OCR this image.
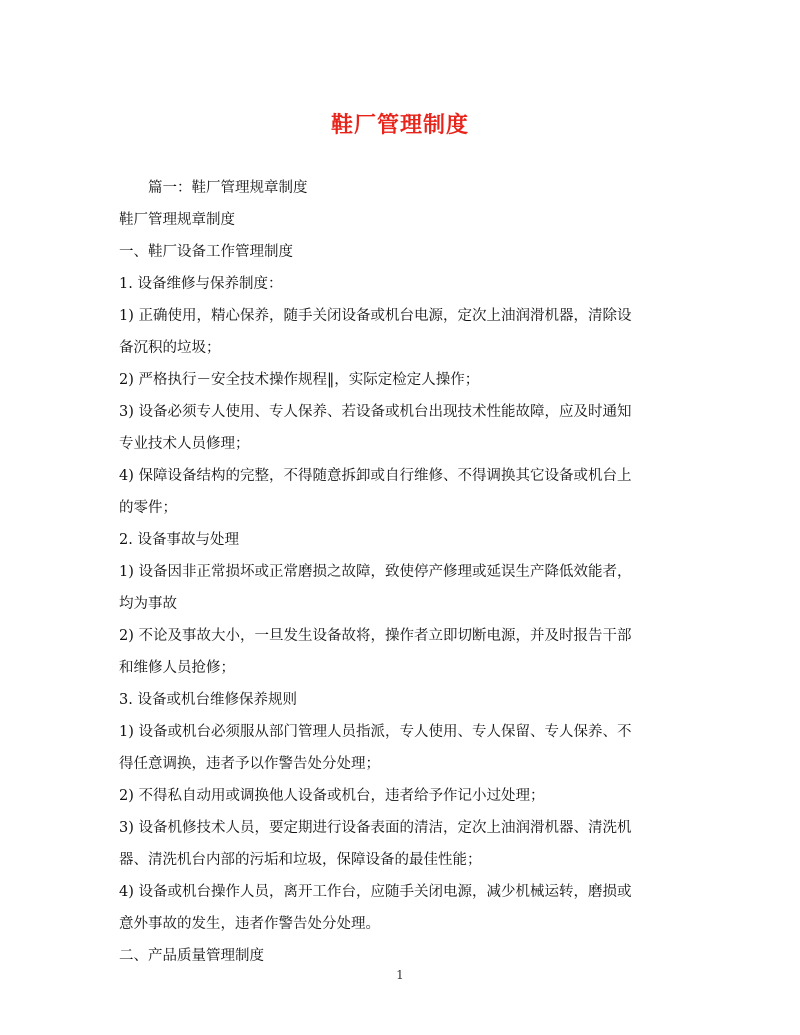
鞋厂管理制度
篇一：鞋厂管理规章制度
鞋厂管理规章制度
一、鞋厂设备工作管理制度
1. 设备维修与保养制度：
1) 正确使用，精心保养，随手关闭设备或机台电源，定次上油润滑机器，清除设
备沉积的垃圾；
2) 严格执行－安全技术操作规程‖，实际定检定人操作；
3) 设备必须专人使用、专人保养、若设备或机台出现技术性能故障，应及时通知
专业技术人员修理；
4) 保障设备结构的完整，不得随意拆卸或自行维修、不得调换其它设备或机台上
的零件；
2. 设备事故与处理
1) 设备因非正常损坏或正常磨损之故障，致使停产修理或延误生产降低效能者，
均为事故
2) 不论及事故大小，一旦发生设备故将，操作者立即切断电源，并及时报告干部
和维修人员抢修；
3. 设备或机台维修保养规则
1) 设备或机台必须服从部门管理人员指派，专人使用、专人保留、专人保养、不
得任意调换，违者予以作警告处分处理；
2) 不得私自动用或调换他人设备或机台，违者给予作记小过处理；
3) 设备机修技术人员，要定期进行设备表面的清洁，定次上油润滑机器、清洗机
器、清洗机台内部的污垢和垃圾，保障设备的最佳性能；
4) 设备或机台操作人员，离开工作台，应随手关闭电源，减少机械运转，磨损或
意外事故的发生，违者作警告处分处理。
二、产品质量管理制度
1
